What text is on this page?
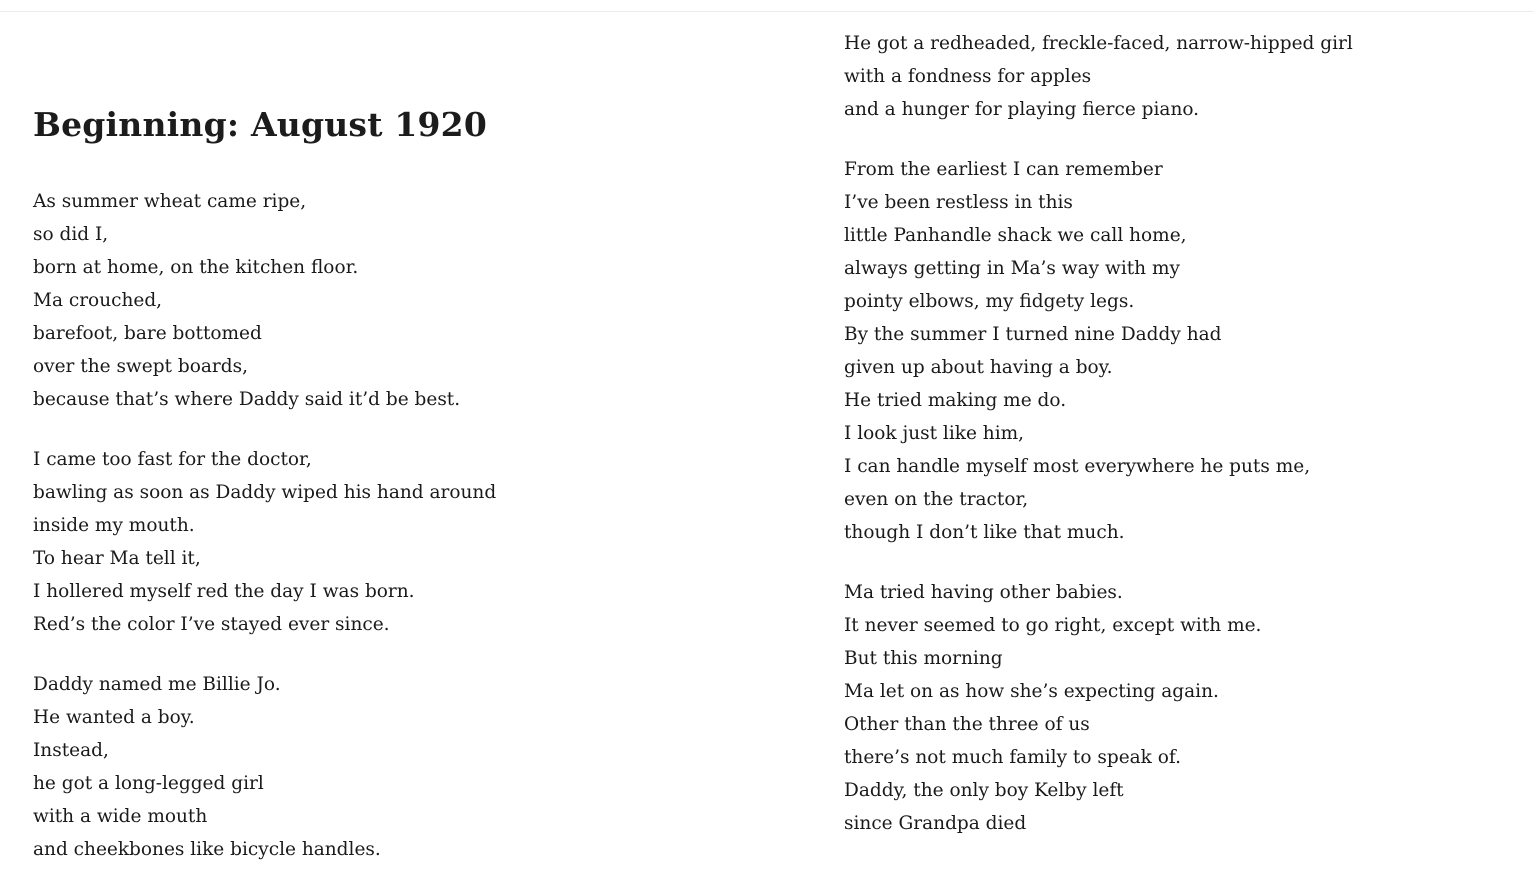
Beginning: August 1920
As summer wheat came ripe,
so did I,
born at home, on the kitchen floor.
Ma crouched,
barefoot, bare bottomed
over the swept boards,
because that’s where Daddy said it’d be best.
I came too fast for the doctor,
bawling as soon as Daddy wiped his hand around
inside my mouth.
To hear Ma tell it,
I hollered myself red the day I was born.
Red’s the color I’ve stayed ever since.
Daddy named me Billie Jo.
He wanted a boy.
Instead,
he got a long-legged girl
with a wide mouth
and cheekbones like bicycle handles.
He got a redheaded, freckle-faced, narrow-hipped girl
with a fondness for apples
and a hunger for playing fierce piano.
From the earliest I can remember
I’ve been restless in this
little Panhandle shack we call home,
always getting in Ma’s way with my
pointy elbows, my fidgety legs.
By the summer I turned nine Daddy had
given up about having a boy.
He tried making me do.
I look just like him,
I can handle myself most everywhere he puts me,
even on the tractor,
though I don’t like that much.
Ma tried having other babies.
It never seemed to go right, except with me.
But this morning
Ma let on as how she’s expecting again.
Other than the three of us
there’s not much family to speak of.
Daddy, the only boy Kelby left
since Grandpa died
